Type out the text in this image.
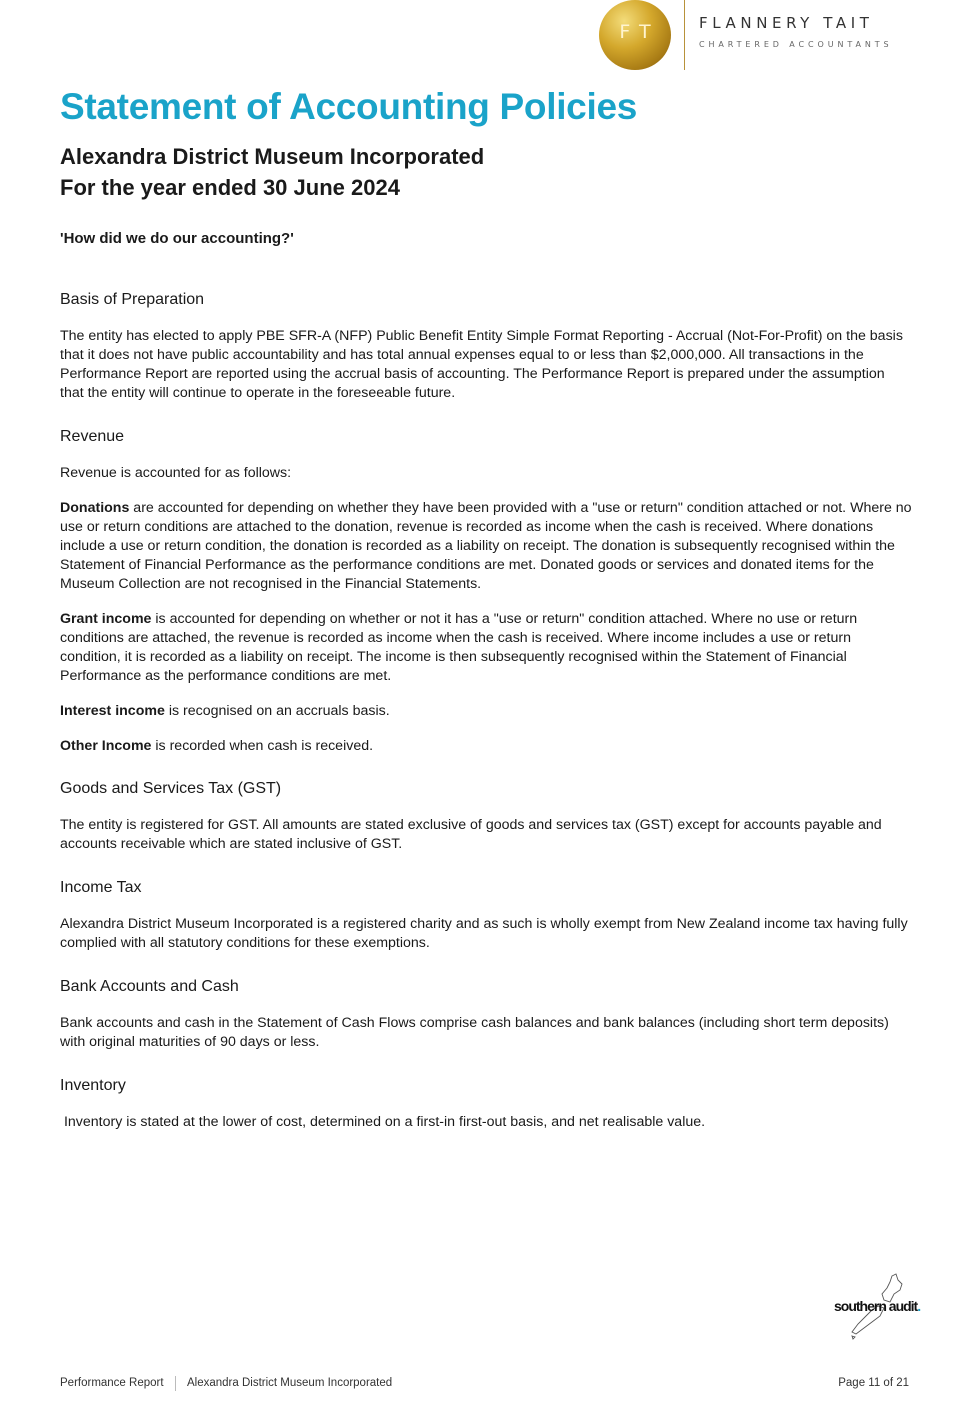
FT	FLANNERY TAIT
CHARTERED ACCOUNTANTS
Statement of Accounting Policies
Alexandra District Museum Incorporated
For the year ended 30 June 2024

'How did we do our accounting?'

Basis of Preparation

The entity has elected to apply PBE SFR-A (NFP) Public Benefit Entity Simple Format Reporting - Accrual (Not-For-Profit) on the basis that it does not have public accountability and has total annual expenses equal to or less than $2,000,000. All transactions in the Performance Report are reported using the accrual basis of accounting. The Performance Report is prepared under the assumption that the entity will continue to operate in the foreseeable future.

Revenue

Revenue is accounted for as follows:

Donations are accounted for depending on whether they have been provided with a "use or return" condition attached or not. Where no use or return conditions are attached to the donation, revenue is recorded as income when the cash is received. Where donations include a use or return condition, the donation is recorded as a liability on receipt. The donation is subsequently recognised within the Statement of Financial Performance as the performance conditions are met. Donated goods or services and donated items for the Museum Collection are not recognised in the Financial Statements.

Grant income is accounted for depending on whether or not it has a "use or return" condition attached. Where no use or return conditions are attached, the revenue is recorded as income when the cash is received. Where income includes a use or return condition, it is recorded as a liability on receipt. The income is then subsequently recognised within the Statement of Financial Performance as the performance conditions are met.

Interest income is recognised on an accruals basis.

Other Income is recorded when cash is received.

Goods and Services Tax (GST)

The entity is registered for GST. All amounts are stated exclusive of goods and services tax (GST) except for accounts payable and accounts receivable which are stated inclusive of GST.

Income Tax

Alexandra District Museum Incorporated is a registered charity and as such is wholly exempt from New Zealand income tax having fully complied with all statutory conditions for these exemptions.

Bank Accounts and Cash

Bank accounts and cash in the Statement of Cash Flows comprise cash balances and bank balances (including short term deposits) with original maturities of 90 days or less.

Inventory

Inventory is stated at the lower of cost, determined on a first-in first-out basis, and net realisable value.

southern audit.
Performance Report Alexandra District Museum Incorporated	Page 11 of 21
